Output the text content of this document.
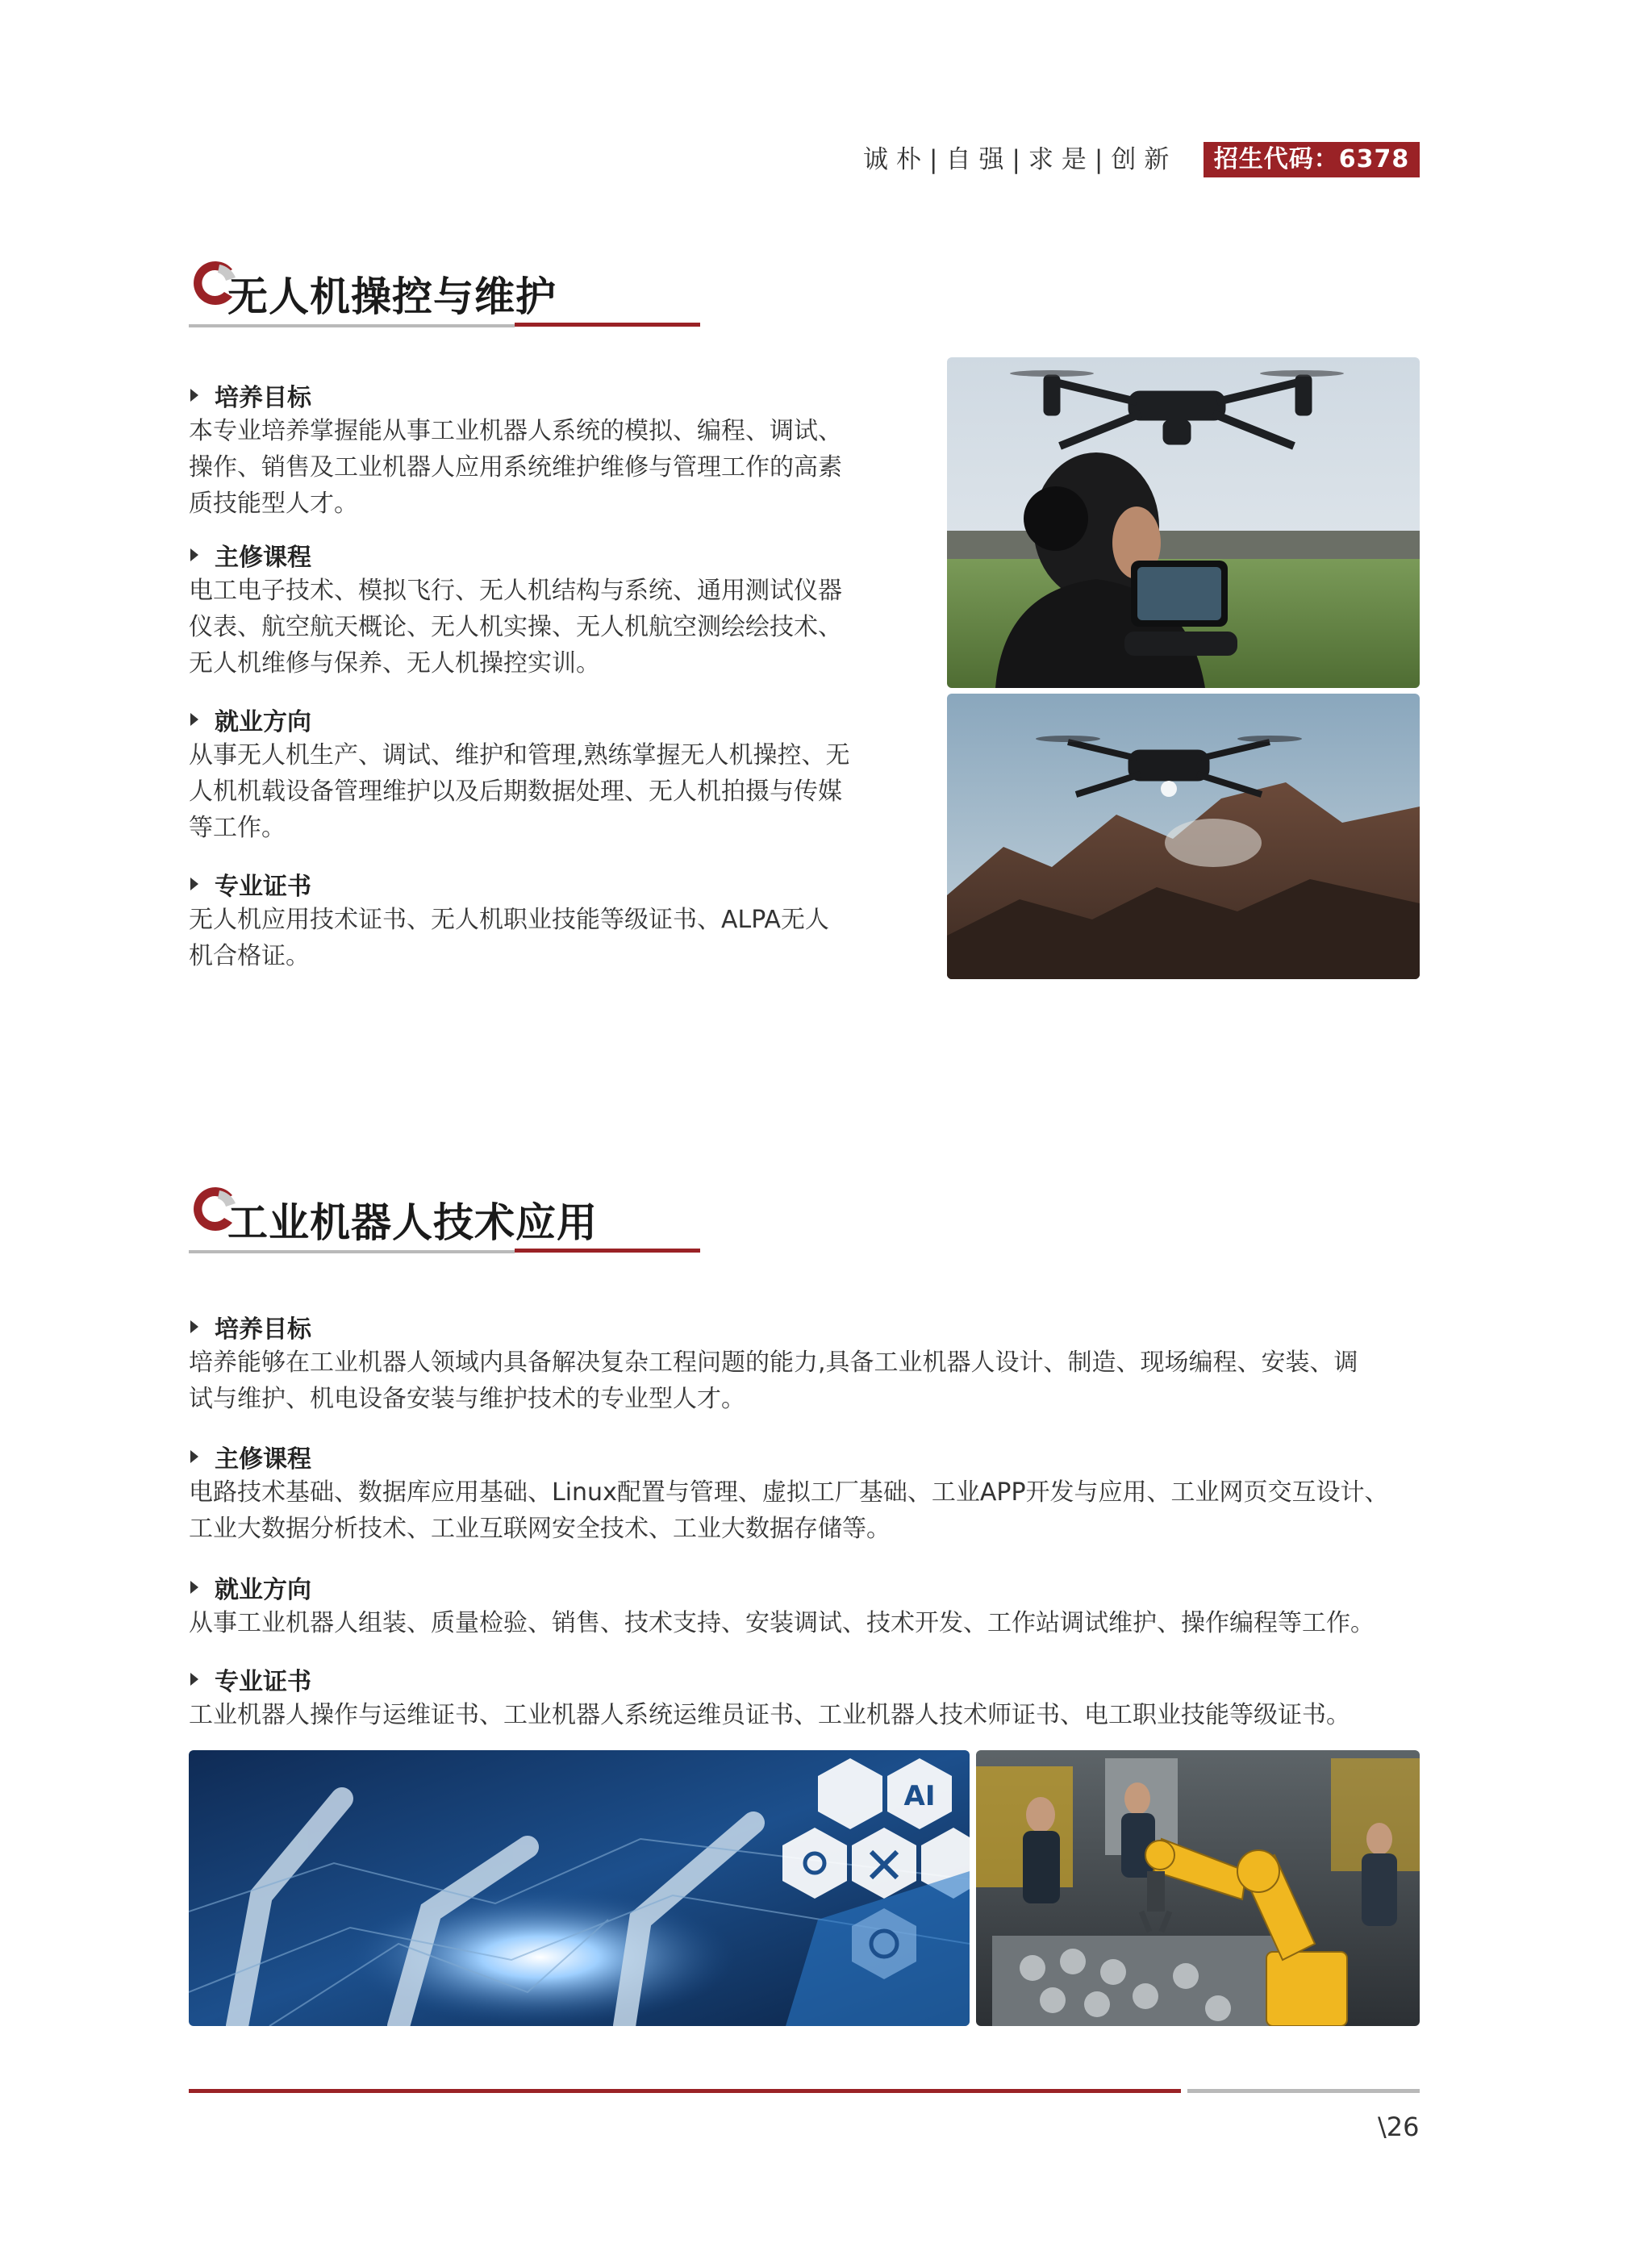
诚朴|自强|求是|创新	招生代码：6378
无人机操控与维护
培养目标
本专业培养掌握能从事工业机器人系统的模拟、编程、调试、
操作、销售及工业机器人应用系统维护维修与管理工作的高素
质技能型人才。
主修课程
电工电子技术、模拟飞行、无人机结构与系统、通用测试仪器
仪表、航空航天概论、无人机实操、无人机航空测绘绘技术、
无人机维修与保养、无人机操控实训。
就业方向
从事无人机生产、调试、维护和管理,熟练掌握无人机操控、无
人机机载设备管理维护以及后期数据处理、无人机拍摄与传媒
等工作。
专业证书
无人机应用技术证书、无人机职业技能等级证书、ALPA无人
机合格证。
工业机器人技术应用
培养目标
培养能够在工业机器人领域内具备解决复杂工程问题的能力,具备工业机器人设计、制造、现场编程、安装、调
试与维护、机电设备安装与维护技术的专业型人才。
主修课程
电路技术基础、数据库应用基础、Linux配置与管理、虚拟工厂基础、工业APP开发与应用、工业网页交互设计、
工业大数据分析技术、工业互联网安全技术、工业大数据存储等。
就业方向
从事工业机器人组装、质量检验、销售、技术支持、安装调试、技术开发、工作站调试维护、操作编程等工作。
专业证书
工业机器人操作与运维证书、工业机器人系统运维员证书、工业机器人技术师证书、电工职业技能等级证书。
AI
\26
